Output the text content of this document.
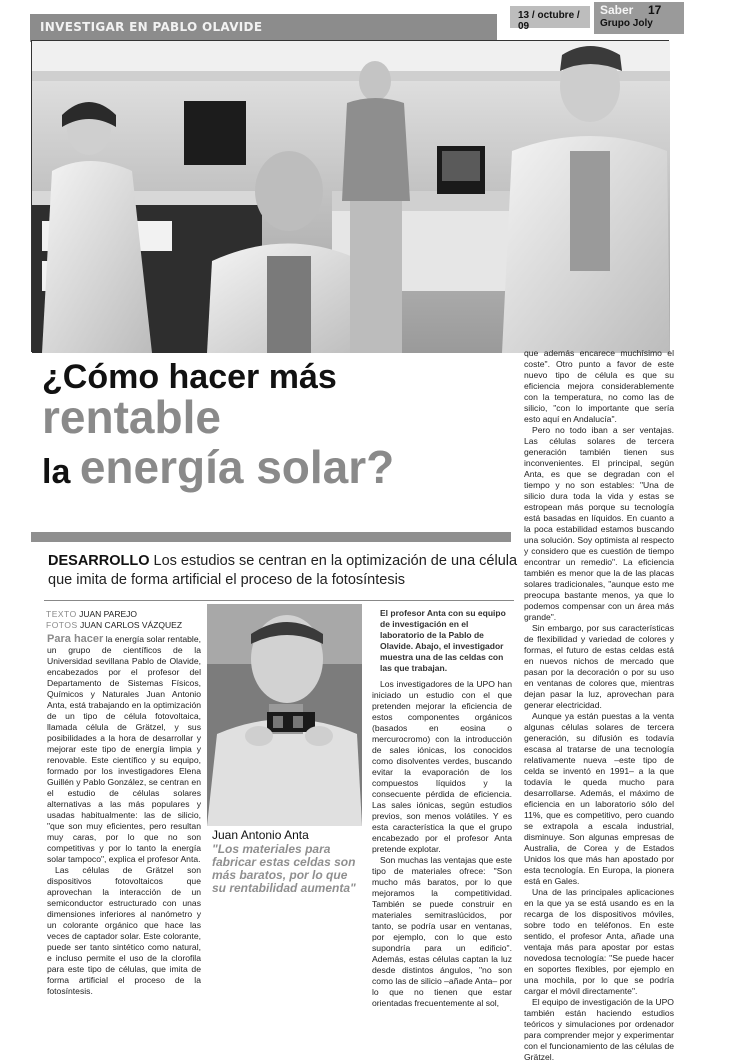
INVESTIGAR EN PABLO OLAVIDE
13 / octubre / 09
Saber 17
Grupo Joly
¿Cómo hacer más rentable
la energía solar?
DESARROLLO Los estudios se centran en la optimización de una célula que imita de forma artificial el proceso de la fotosíntesis
TEXTO JUAN PAREJO
FOTOS JUAN CARLOS VÁZQUEZ

Para hacer la energía solar rentable, un grupo de científicos de la Universidad sevillana Pablo de Olavide, encabezados por el profesor del Departamento de Sistemas Físicos, Químicos y Naturales Juan Antonio Anta, está trabajando en la optimización de un tipo de célula fotovoltaica, llamada célula de Grätzel, y sus posibilidades a la hora de desarrollar y mejorar este tipo de energía limpia y renovable. Este científico y su equipo, formado por los investigadores Elena Guillén y Pablo González, se centran en el estudio de células solares alternativas a las más populares y usadas habitualmente: las de silicio, "que son muy eficientes, pero resultan muy caras, por lo que no son competitivas y por lo tanto la energía solar tampoco", explica el profesor Anta.

Las células de Grätzel son dispositivos fotovoltaicos que aprovechan la interacción de un semiconductor estructurado con unas dimensiones inferiores al nanómetro y un colorante orgánico que hace las veces de captador solar. Este colorante, puede ser tanto sintético como natural, e incluso permite el uso de la clorofila para este tipo de células, que imita de forma artificial el proceso de la fotosíntesis.

El profesor Anta con su equipo de investigación en el laboratorio de la Pablo de Olavide. Abajo, el investigador muestra una de las celdas con las que trabajan.
Juan Antonio Anta
"Los materiales para fabricar estas celdas son más baratos, por lo que su rentabilidad aumenta"

Los investigadores de la UPO han iniciado un estudio con el que pretenden mejorar la eficiencia de estos componentes orgánicos (basados en eosina o mercurocromo) con la introducción de sales iónicas, los conocidos como disolventes verdes, buscando evitar la evaporación de los compuestos líquidos y la consecuente pérdida de eficiencia. Las sales iónicas, según estudios previos, son menos volátiles. Y es esta característica la que el grupo encabezado por el profesor Anta pretende explotar.

Son muchas las ventajas que este tipo de materiales ofrece: "Son mucho más baratos, por lo que mejoramos la competitividad. También se puede construir en materiales semitraslúcidos, por tanto, se podría usar en ventanas, por ejemplo, con lo que esto supondría para un edificio". Además, estas células captan la luz desde distintos ángulos, "no son como las de silicio –añade Anta– por lo que no tienen que estar orientadas frecuentemente al sol,

que además encarece muchísimo el coste". Otro punto a favor de este nuevo tipo de célula es que su eficiencia mejora considerablemente con la temperatura, no como las de silicio, "con lo importante que sería esto aquí en Andalucía".

Pero no todo iban a ser ventajas. Las células solares de tercera generación también tienen sus inconvenientes. El principal, según Anta, es que se degradan con el tiempo y no son estables: "Una de silicio dura toda la vida y estas se estropean más porque su tecnología está basadas en líquidos. En cuanto a la poca estabilidad estamos buscando una solución. Soy optimista al respecto y considero que es cuestión de tiempo encontrar un remedio". La eficiencia también es menor que la de las placas solares tradicionales, "aunque esto me preocupa bastante menos, ya que lo podemos compensar con un área más grande".

Sin embargo, por sus características de flexibilidad y variedad de colores y formas, el futuro de estas celdas está en nuevos nichos de mercado que pasan por la decoración o por su uso en ventanas de colores que, mientras dejan pasar la luz, aprovechan para generar electricidad.

Aunque ya están puestas a la venta algunas células solares de tercera generación, su difusión es todavía escasa al tratarse de una tecnología relativamente nueva –este tipo de celda se inventó en 1991– a la que todavía le queda mucho para desarrollarse. Además, el máximo de eficiencia en un laboratorio sólo del 11%, que es competitivo, pero cuando se extrapola a escala industrial, disminuye. Son algunas empresas de Australia, de Corea y de Estados Unidos los que más han apostado por esta tecnología. En Europa, la pionera está en Gales.

Una de las principales aplicaciones en la que ya se está usando es en la recarga de los dispositivos móviles, sobre todo en teléfonos. En este sentido, el profesor Anta, añade una ventaja más para apostar por estas novedosa tecnología: "Se puede hacer en soportes flexibles, por ejemplo en una mochila, por lo que se podría cargar el móvil directamente".

El equipo de investigación de la UPO también están haciendo estudios teóricos y simulaciones por ordenador para comprender mejor y experimentar con el funcionamiento de las células de Grätzel.
